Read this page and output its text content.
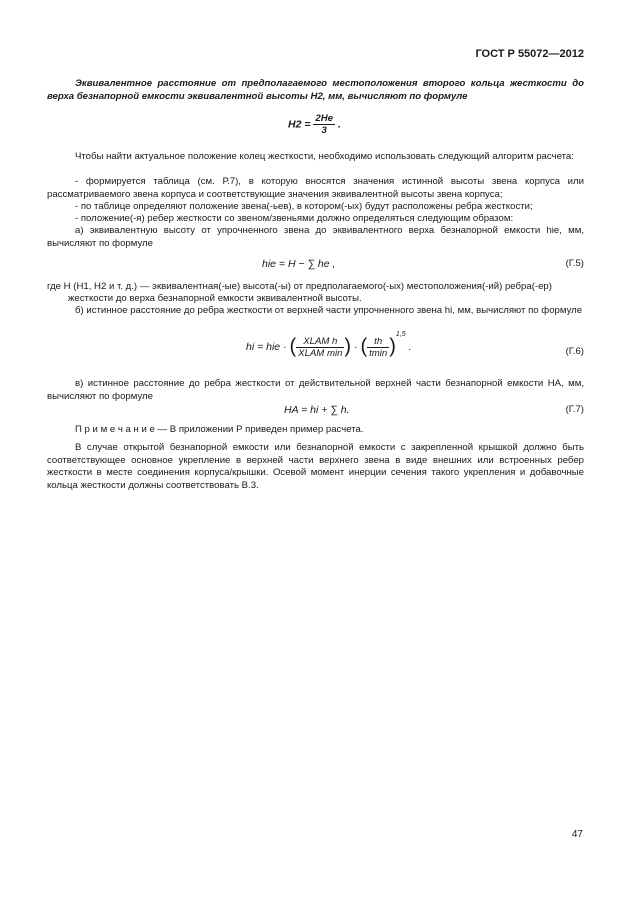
ГОСТ Р 55072—2012
Эквивалентное расстояние от предполагаемого местоположения второго кольца жесткости до верха безнапорной емкости эквивалентной высоты H2, мм, вычисляют по формуле
$H2 = \frac{2He}{3}$ .
Чтобы найти актуальное положение колец жесткости, необходимо использовать следующий алгоритм расчета:
- формируется таблица (см. Р.7), в которую вносятся значения истинной высоты звена корпуса или рассматриваемого звена корпуса и соответствующие значения эквивалентной высоты звена корпуса;
- по таблице определяют положение звена(-ьев), в котором(-ых) будут расположены ребра жесткости;
- положение(-я) ребер жесткости со звеном/звеньями должно определяться следующим образом:
а) эквивалентную высоту от упрочненного звена до эквивалентного верха безнапорной емкости hie, мм, вычисляют по формуле
hie = H − ∑ he ,	(Г.5)
где H (H1, H2 и т. д.) — эквивалентная(-ые) высота(-ы) от предполагаемого(-ых) местоположения(-ий) ребра(-ер)
жесткости до верха безнапорной емкости эквивалентной высоты.
б) истинное расстояние до ребра жесткости от верхней части упрочненного звена hi, мм, вычисляют по формуле
hi = hie · ( $\frac{\text{XLAM h}}{\text{XLAM min}}$ ) · ( $\frac{th}{tmin} )^{1,5}$ .	(Г.6)
в) истинное расстояние до ребра жесткости от действительной верхней части безнапорной емкости HA, мм, вычисляют по формуле
HA = hi + ∑ h.	(Г.7)
П р и м е ч а н и е — В приложении Р приведен пример расчета.
В случае открытой безнапорной емкости или безнапорной емкости с закрепленной крышкой должно быть соответствующее основное укрепление в верхней части верхнего звена в виде внешних или встроенных ребер жесткости в месте соединения корпуса/крышки. Осевой момент инерции сечения такого укрепления и добавочные кольца жесткости должны соответствовать В.3.
47
